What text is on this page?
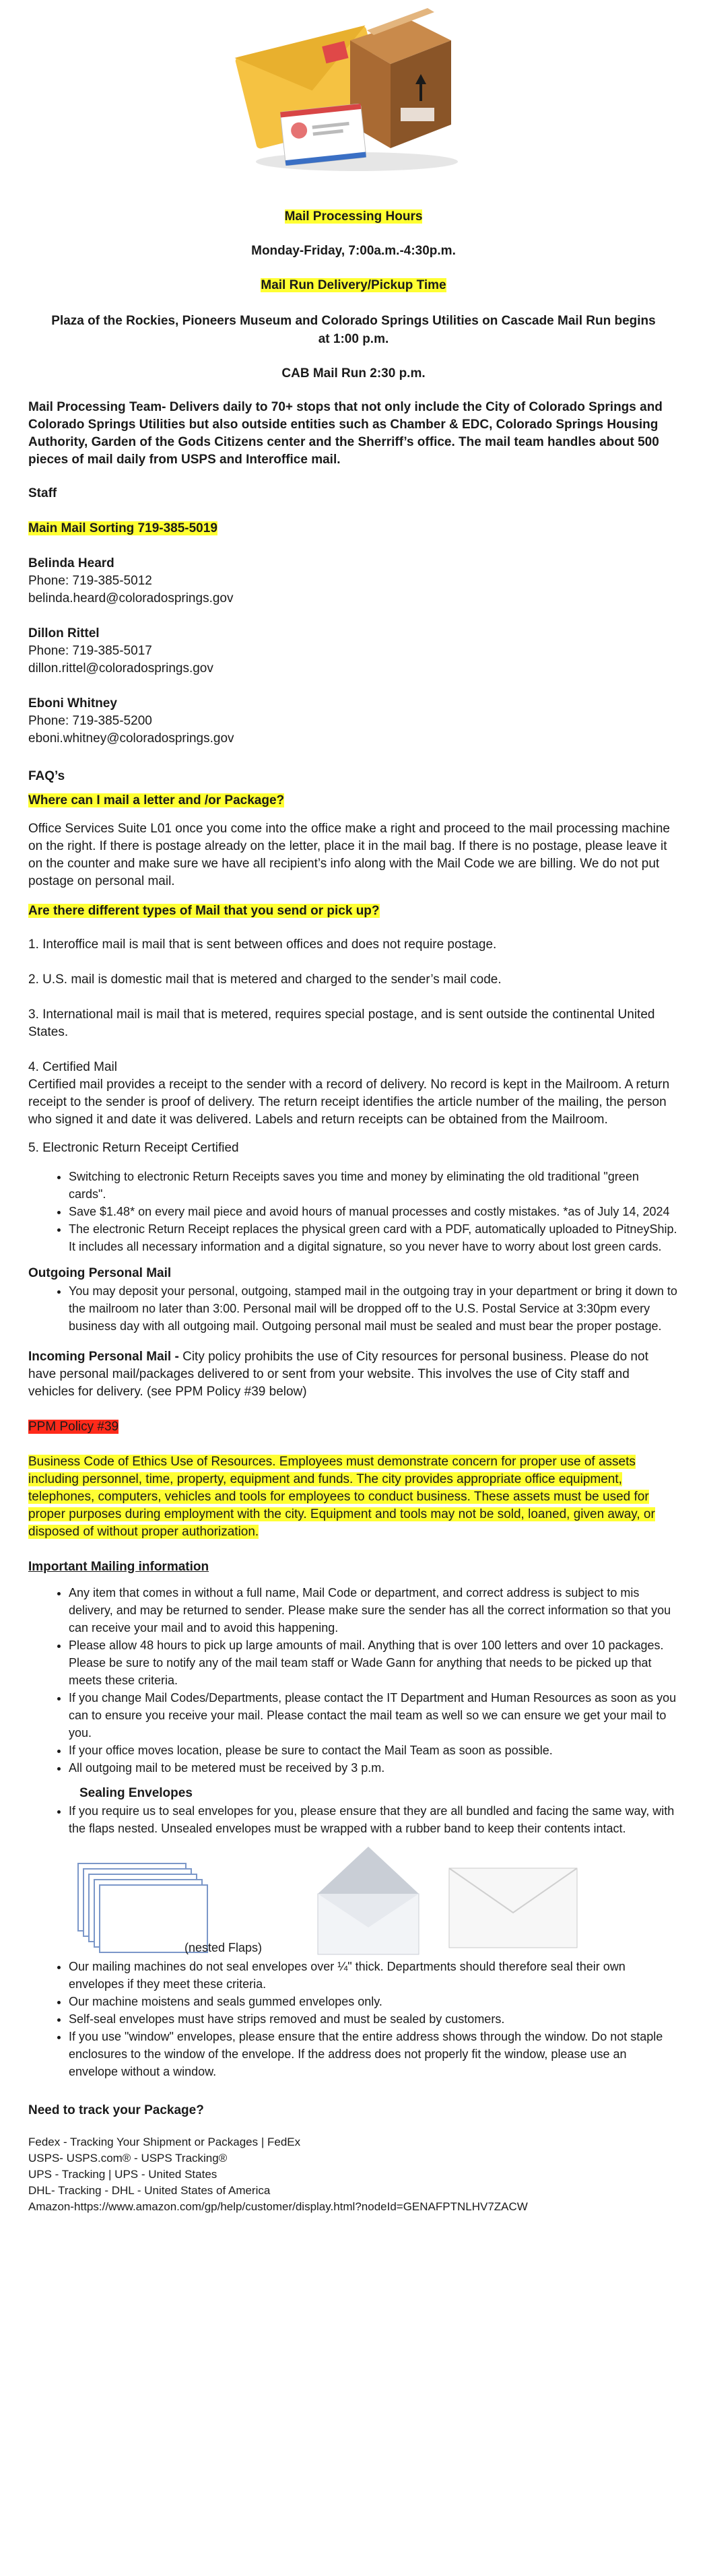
Mail Processing Hours
Monday-Friday, 7:00a.m.-4:30p.m.
Mail Run Delivery/Pickup Time
Plaza of the Rockies, Pioneers Museum and Colorado Springs Utilities on Cascade Mail Run begins at 1:00 p.m.
CAB Mail Run 2:30 p.m.

Mail Processing Team- Delivers daily to 70+ stops that not only include the City of Colorado Springs and Colorado Springs Utilities but also outside entities such as Chamber & EDC, Colorado Springs Housing Authority, Garden of the Gods Citizens center and the Sherriff’s office. The mail team handles about 500 pieces of mail daily from USPS and Interoffice mail.

Staff

Main Mail Sorting 719-385-5019

Belinda Heard
Phone: 719-385-5012
belinda.heard@coloradosprings.gov
Dillon Rittel
Phone: 719-385-5017
dillon.rittel@coloradosprings.gov
Eboni Whitney
Phone: 719-385-5200
eboni.whitney@coloradosprings.gov

FAQ’s

Where can I mail a letter and /or Package?

Office Services Suite L01 once you come into the office make a right and proceed to the mail processing machine on the right. If there is postage already on the letter, place it in the mail bag. If there is no postage, please leave it on the counter and make sure we have all recipient’s info along with the Mail Code we are billing. We do not put postage on personal mail.

Are there different types of Mail that you send or pick up?

1. Interoffice mail is mail that is sent between offices and does not require postage.

2. U.S. mail is domestic mail that is metered and charged to the sender’s mail code.

3. International mail is mail that is metered, requires special postage, and is sent outside the continental United States.

4. Certified Mail

Certified mail provides a receipt to the sender with a record of delivery. No record is kept in the Mailroom. A return receipt to the sender is proof of delivery. The return receipt identifies the article number of the mailing, the person who signed it and date it was delivered. Labels and return receipts can be obtained from the Mailroom.

5. Electronic Return Receipt Certified

• Switching to electronic Return Receipts saves you time and money by eliminating the old traditional "green cards".
• Save $1.48* on every mail piece and avoid hours of manual processes and costly mistakes. *as of July 14, 2024
• The electronic Return Receipt replaces the physical green card with a PDF, automatically uploaded to PitneyShip. It includes all necessary information and a digital signature, so you never have to worry about lost green cards.

Outgoing Personal Mail

• You may deposit your personal, outgoing, stamped mail in the outgoing tray in your department or bring it down to the mailroom no later than 3:00. Personal mail will be dropped off to the U.S. Postal Service at 3:30pm every business day with all outgoing mail. Outgoing personal mail must be sealed and must bear the proper postage.

Incoming Personal Mail - City policy prohibits the use of City resources for personal business. Please do not have personal mail/packages delivered to or sent from your website. This involves the use of City staff and vehicles for delivery. (see PPM Policy #39 below)

PPM Policy #39

Business Code of Ethics Use of Resources. Employees must demonstrate concern for proper use of assets including personnel, time, property, equipment and funds. The city provides appropriate office equipment, telephones, computers, vehicles and tools for employees to conduct business. These assets must be used for proper purposes during employment with the city. Equipment and tools may not be sold, loaned, given away, or disposed of without proper authorization.

Important Mailing information

• Any item that comes in without a full name, Mail Code or department, and correct address is subject to mis delivery, and may be returned to sender. Please make sure the sender has all the correct information so that you can receive your mail and to avoid this happening.
• Please allow 48 hours to pick up large amounts of mail. Anything that is over 100 letters and over 10 packages. Please be sure to notify any of the mail team staff or Wade Gann for anything that needs to be picked up that meets these criteria.
• If you change Mail Codes/Departments, please contact the IT Department and Human Resources as soon as you can to ensure you receive your mail. Please contact the mail team as well so we can ensure we get your mail to you.
• If your office moves location, please be sure to contact the Mail Team as soon as possible.
• All outgoing mail to be metered must be received by 3 p.m.

Sealing Envelopes

• If you require us to seal envelopes for you, please ensure that they are all bundled and facing the same way, with the flaps nested. Unsealed envelopes must be wrapped with a rubber band to keep their contents intact.
(nested Flaps)
• Our mailing machines do not seal envelopes over ¼" thick. Departments should therefore seal their own envelopes if they meet these criteria.
• Our machine moistens and seals gummed envelopes only.
• Self-seal envelopes must have strips removed and must be sealed by customers.
• If you use "window" envelopes, please ensure that the entire address shows through the window. Do not staple enclosures to the window of the envelope. If the address does not properly fit the window, please use an envelope without a window.

Need to track your Package?

Fedex - Tracking Your Shipment or Packages | FedEx
USPS- USPS.com® - USPS Tracking®
UPS - Tracking | UPS - United States
DHL- Tracking - DHL - United States of America
Amazon-https://www.amazon.com/gp/help/customer/display.html?nodeId=GENAFPTNLHV7ZACW
